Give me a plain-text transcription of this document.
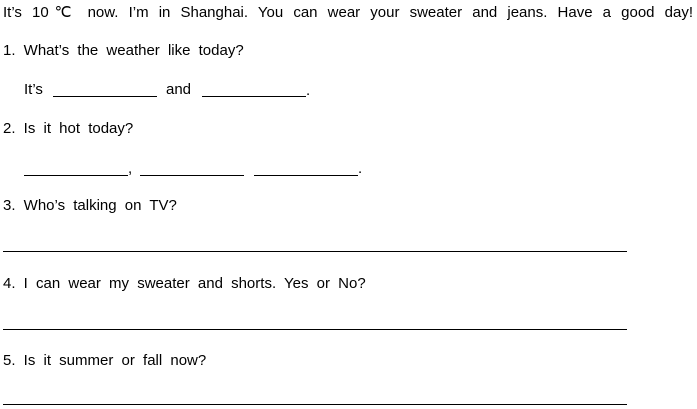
It’s 10℃ now. I’m in Shanghai. You can wear your sweater and jeans. Have a good day!
1. What’s the weather like today?
It’s	and	.
2. Is it hot today?
,	.
3. Who’s talking on TV?
4. I can wear my sweater and shorts. Yes or No?
5. Is it summer or fall now?
